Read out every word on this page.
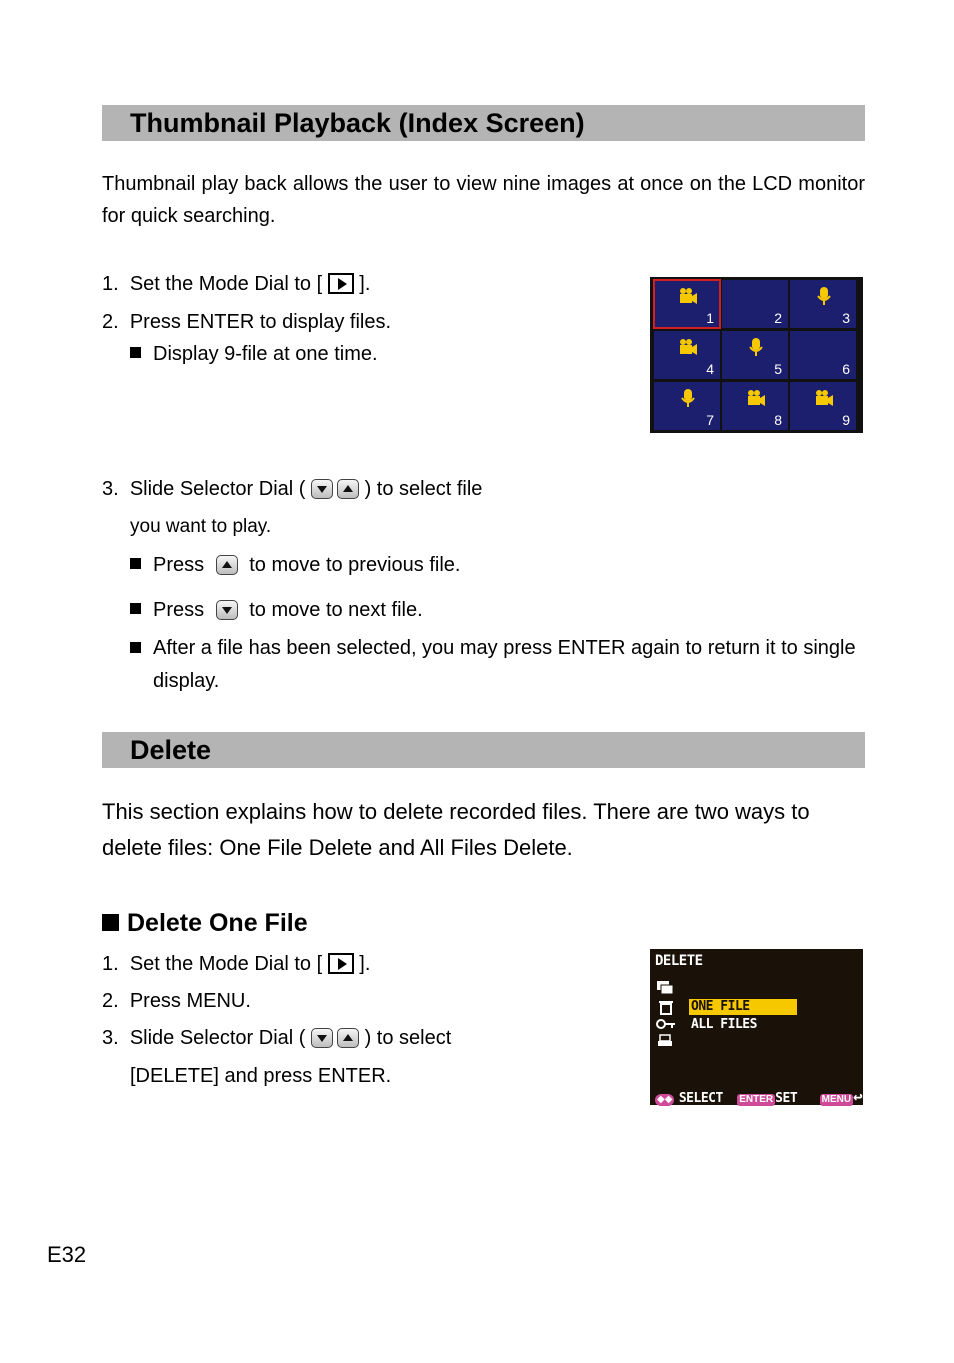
Thumbnail Playback (Index Screen)
Thumbnail play back allows the user to view nine images at once on the LCD monitor for quick searching.
1. Set the Mode Dial to [ ].
2. Press ENTER to display files.
Display 9-file at one time.
1	2	3
4	5	6
7	8	9
3. Slide Selector Dial (	) to select file
you want to play.
Press to move to previous file.
Press to move to next file.
After a file has been selected, you may press ENTER again to return it to single display.
Delete
This section explains how to delete recorded files. There are two ways to delete files: One File Delete and All Files Delete.
Delete One File
1. Set the Mode Dial to [ ].
2. Press MENU.
3. Slide Selector Dial (	) to select
[DELETE] and press ENTER.
DELETE
ONE FILE
ALL FILES
◆◆ SELECT ENTER SET MENU ↩
E32
